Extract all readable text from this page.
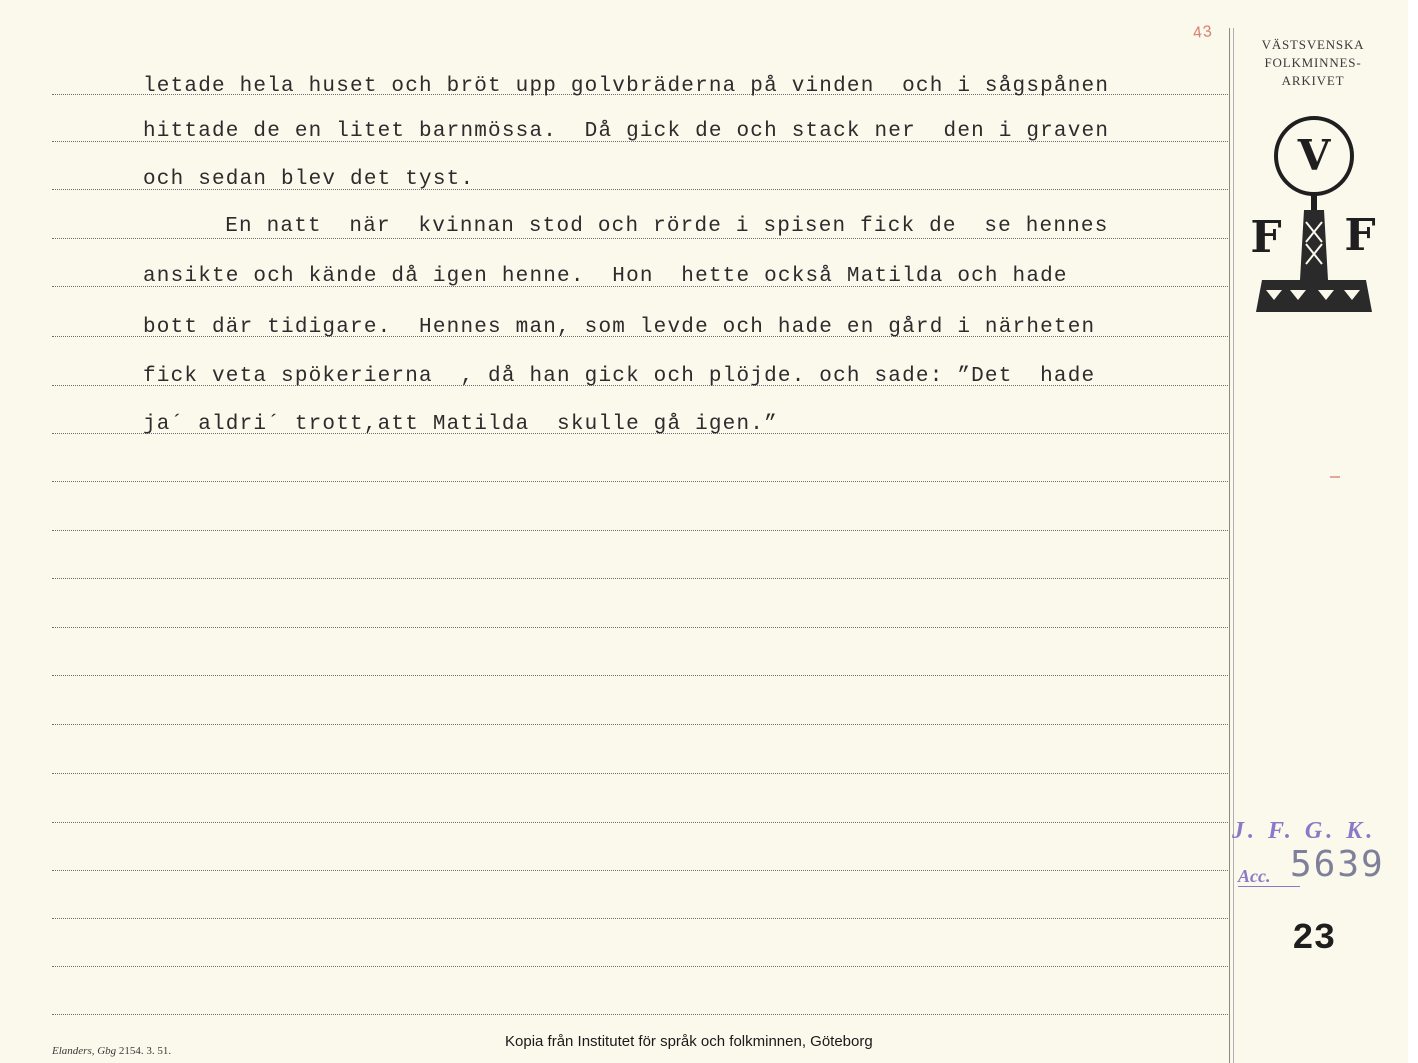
letade hela huset och bröt upp golvbräderna på vinden  och i sågspånen
hittade de en litet barnmössa.  Då gick de och stack ner  den i graven
och sedan blev det tyst.
En natt  när  kvinnan stod och rörde i spisen fick de  se hennes
ansikte och kände då igen henne.  Hon  hette också Matilda och hade
bott där tidigare.  Hennes man, som levde och hade en gård i närheten
fick veta spökerierna  , då han gick och plöjde. och sade: ”Det  hade
ja´ aldri´ trott,att Matilda  skulle gå igen.”
43
VÄSTSVENSKA
FOLKMINNES-
ARKIVET
V
F F
J. F. G. K.
Acc. 5639
23
Elanders, Gbg 2154. 3. 51.
Kopia från Institutet för språk och folkminnen, Göteborg
